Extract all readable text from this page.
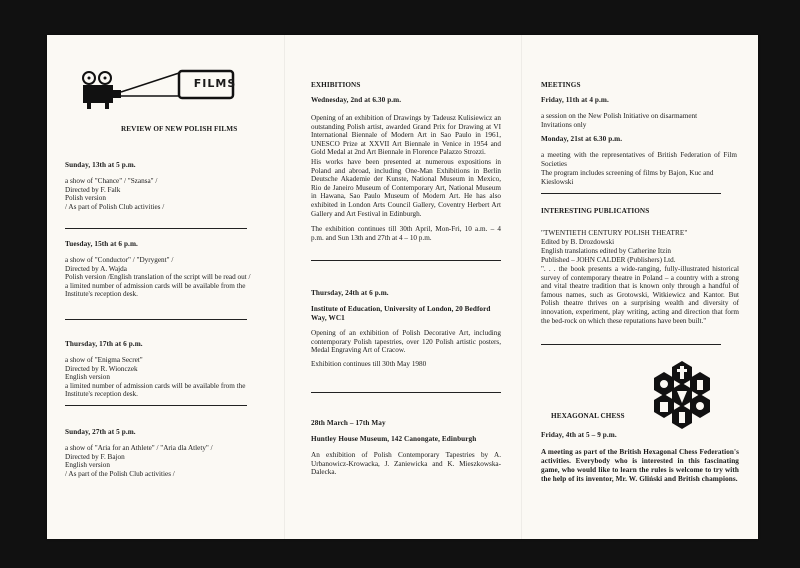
FILMS
REVIEW OF NEW POLISH FILMS
Sunday, 13th at 5 p.m.
a show of "Chance" / "Szansa" /
Directed by F. Falk
Polish version
/ As part of Polish Club activities /
Tuesday, 15th at 6 p.m.
a show of "Conductor" / "Dyrygent" /
Directed by A. Wajda
Polish version /English translation of the script will be read out /
a limited number of admission cards will be available from the Institute's reception desk.
Thursday, 17th at 6 p.m.
a show of "Enigma Secret"
Directed by R. Wionczek
English version
a limited number of admission cards will be available from the Institute's reception desk.
Sunday, 27th at 5 p.m.
a show of "Aria for an Athlete" / "Aria dla Atlety" /
Directed by F. Bajon
English version
/ As part of the Polish Club activities /
EXHIBITIONS
Wednesday, 2nd at 6.30 p.m.
Opening of an exhibition of Drawings by Tadeusz Kulisiewicz an outstanding Polish artist, awarded Grand Prix for Drawing at VI International Biennale of Modern Art in Sao Paulo in 1961, UNESCO Prize at XXVII Art Biennale in Venice in 1954 and Gold Medal at 2nd Art Biennale in Florence Palazzo Strozzi.
His works have been presented at numerous expositions in Poland and abroad, including One-Man Exhibitions in Berlin Deutsche Akademie der Kunste, National Museum in Mexico, Rio de Janeiro Museum of Contemporary Art, National Museum in Hawana, Sao Paulo Museum of Modern Art. He has also exhibited in London Arts Council Gallery, Coventry Herbert Art Gallery and Art Festival in Edinburgh.
The exhibition continues till 30th April, Mon-Fri, 10 a.m. – 4 p.m. and Sun 13th and 27th at 4 – 10 p.m.
Thursday, 24th at 6 p.m.
Institute of Education, University of London, 20 Bedford Way, WC1
Opening of an exhibition of Polish Decorative Art, including contemporary Polish tapestries, over 120 Polish artistic posters, Medal Engraving Art of Cracow.
Exhibition continues till 30th May 1980
28th March – 17th May
Huntley House Museum, 142 Canongate, Edinburgh
An exhibition of Polish Contemporary Tapestries by A. Urbanowicz-Krowacka, J. Zaniewicka and K. Mieszkowska-Dalecka.
MEETINGS
Friday, 11th at 4 p.m.
a session on the New Polish Initiative on disarmament
Invitations only
Monday, 21st at 6.30 p.m.
a meeting with the representatives of British Federation of Film Societies
The program includes screening of films by Bajon, Kuc and Kieslowski
INTERESTING PUBLICATIONS
"TWENTIETH CENTURY POLISH THEATRE"
Edited by B. Drozdowski
English translations edited by Catherine Itzin
Published – JOHN CALDER (Publishers) Ltd.
". . . the book presents a wide-ranging, fully-illustrated historical survey of contemporary theatre in Poland – a country with a strong and vital theatre tradition that is known only through a handful of famous names, such as Grotowski, Witkiewicz and Kantor. But Polish theatre thrives on a surprising wealth and diversity of innovation, experiment, play writing, acting and direction that form the bed-rock on which these reputations have been built."
HEXAGONAL CHESS
Friday, 4th at 5 – 9 p.m.
A meeting as part of the British Hexagonal Chess Federation's activities. Everybody who is interested in this fascinating game, who would like to learn the rules is welcome to try with the help of its inventor, Mr. W. Gliński and British champions.
